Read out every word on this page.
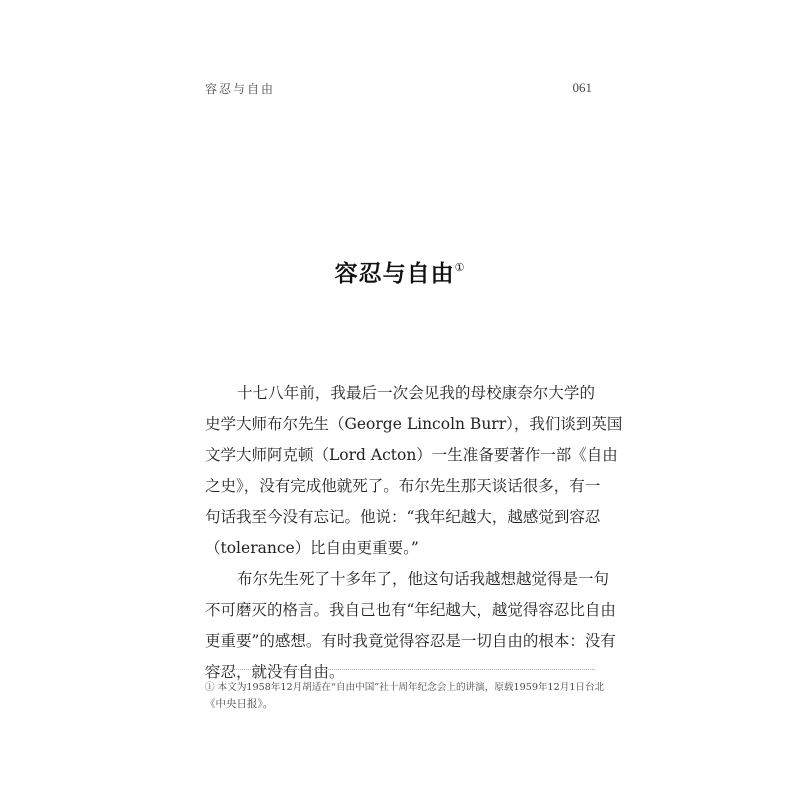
容忍与自由	061
容忍与自由①
十七八年前，我最后一次会见我的母校康奈尔大学的
史学大师布尔先生（George Lincoln Burr），我们谈到英国
文学大师阿克顿（Lord Acton）一生准备要著作一部《自由
之史》，没有完成他就死了。布尔先生那天谈话很多，有一
句话我至今没有忘记。他说：“我年纪越大，越感觉到容忍
（tolerance）比自由更重要。”
布尔先生死了十多年了，他这句话我越想越觉得是一句
不可磨灭的格言。我自己也有“年纪越大，越觉得容忍比自由
更重要”的感想。有时我竟觉得容忍是一切自由的根本：没有
容忍，就没有自由。
① 本文为1958年12月胡适在“自由中国”社十周年纪念会上的讲演，原载1959年12月1日台北
《中央日报》。
